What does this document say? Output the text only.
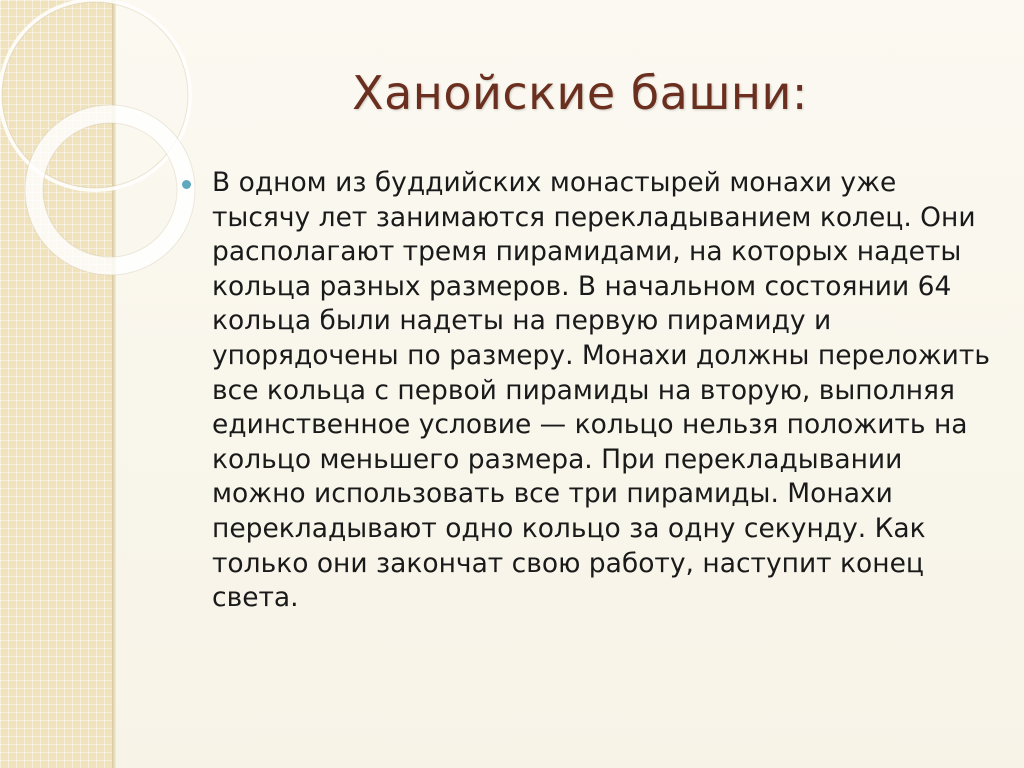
Ханойские башни:
В одном из буддийских монастырей монахи уже тысячу лет занимаются перекладыванием колец. Они располагают тремя пирамидами, на которых надеты кольца разных размеров. В начальном состоянии 64 кольца были надеты на первую пирамиду и упорядочены по размеру. Монахи должны переложить все кольца с первой пирамиды на вторую, выполняя единственное условие — кольцо нельзя положить на кольцо меньшего размера. При перекладывании можно использовать все три пирамиды. Монахи перекладывают одно кольцо за одну секунду. Как только они закончат свою работу, наступит конец света.
